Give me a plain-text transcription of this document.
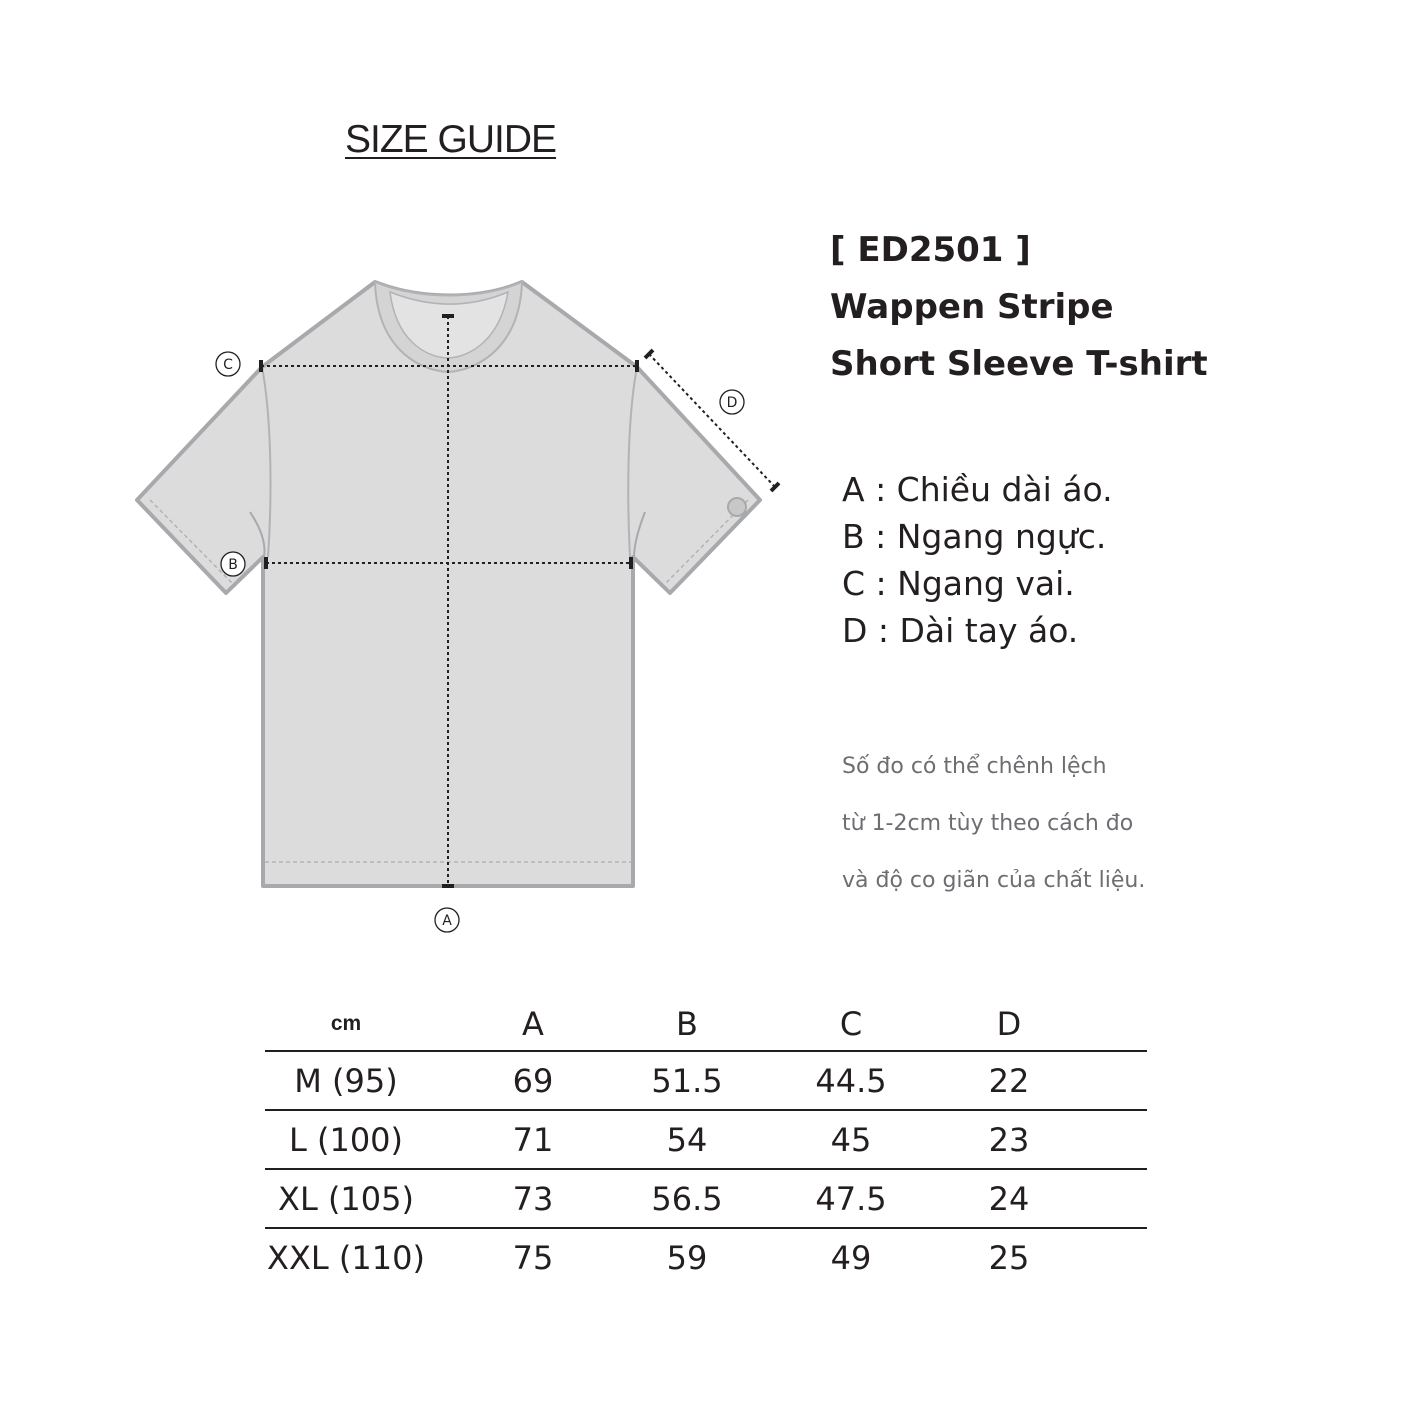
SIZE GUIDE
A
B
C
D
[ ED2501 ]
Wappen Stripe
Short Sleeve T-shirt
A : Chiều dài áo.
B : Ngang ngực.
C : Ngang vai.
D : Dài tay áo.
Số đo có thể chênh lệch
từ 1-2cm tùy theo cách đo
và độ co giãn của chất liệu.
cm	A	B	C	D	
M (95)	69	51.5	44.5	22	
L (100)	71	54	45	23	
XL (105)	73	56.5	47.5	24	
XXL (110)	75	59	49	25	
